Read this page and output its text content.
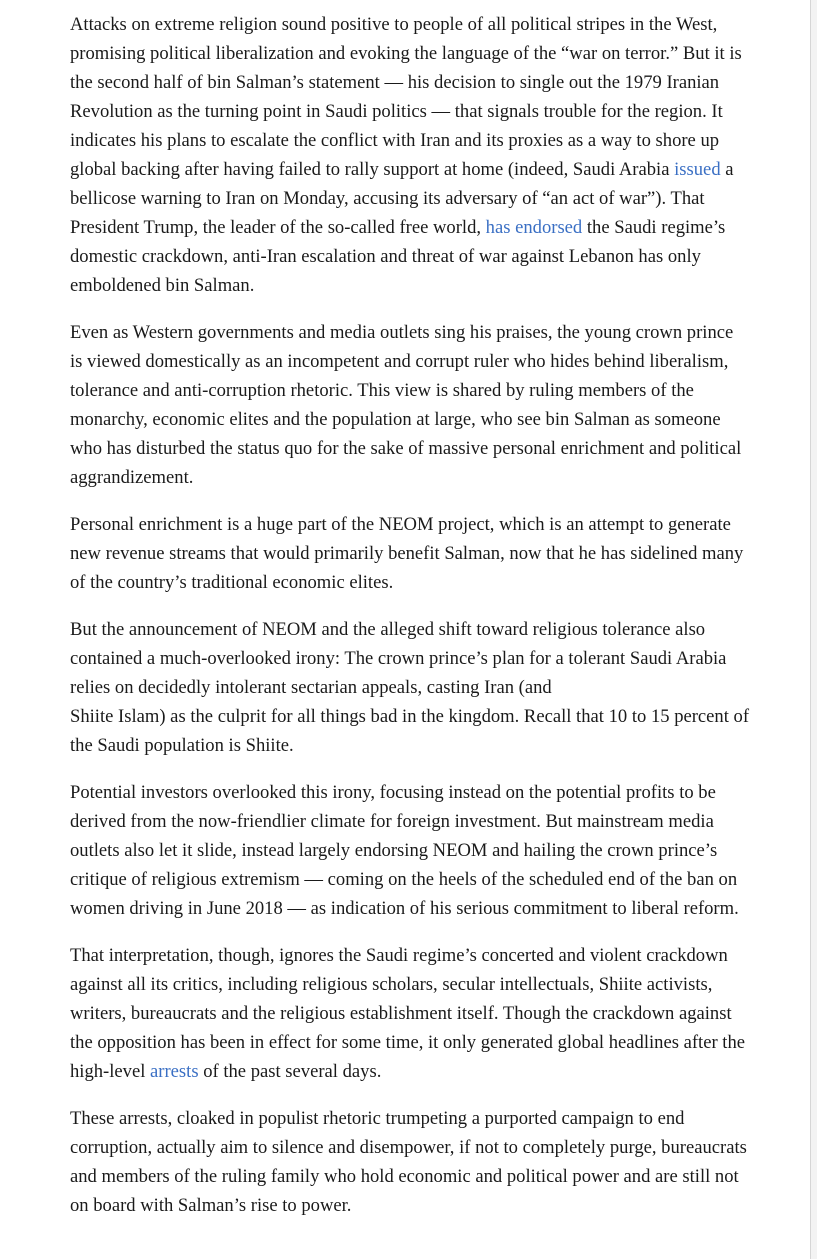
Attacks on extreme religion sound positive to people of all political stripes in the West, promising political liberalization and evoking the language of the “war on terror.” But it is the second half of bin Salman’s statement — his decision to single out the 1979 Iranian Revolution as the turning point in Saudi politics — that signals trouble for the region. It indicates his plans to escalate the conflict with Iran and its proxies as a way to shore up global backing after having failed to rally support at home (indeed, Saudi Arabia issued a bellicose warning to Iran on Monday, accusing its adversary of “an act of war”). That President Trump, the leader of the so-called free world, has endorsed the Saudi regime’s domestic crackdown, anti-Iran escalation and threat of war against Lebanon has only emboldened bin Salman.

Even as Western governments and media outlets sing his praises, the young crown prince is viewed domestically as an incompetent and corrupt ruler who hides behind liberalism, tolerance and anti-corruption rhetoric. This view is shared by ruling members of the monarchy, economic elites and the population at large, who see bin Salman as someone who has disturbed the status quo for the sake of massive personal enrichment and political aggrandizement.

Personal enrichment is a huge part of the NEOM project, which is an attempt to generate new revenue streams that would primarily benefit Salman, now that he has sidelined many of the country’s traditional economic elites.

But the announcement of NEOM and the alleged shift toward religious tolerance also contained a much-overlooked irony: The crown prince’s plan for a tolerant Saudi Arabia relies on decidedly intolerant sectarian appeals, casting Iran (and
Shiite Islam) as the culprit for all things bad in the kingdom. Recall that 10 to 15 percent of the Saudi population is Shiite.

Potential investors overlooked this irony, focusing instead on the potential profits to be derived from the now-friendlier climate for foreign investment. But mainstream media outlets also let it slide, instead largely endorsing NEOM and hailing the crown prince’s critique of religious extremism — coming on the heels of the scheduled end of the ban on women driving in June 2018 — as indication of his serious commitment to liberal reform.

That interpretation, though, ignores the Saudi regime’s concerted and violent crackdown against all its critics, including religious scholars, secular intellectuals, Shiite activists, writers, bureaucrats and the religious establishment itself. Though the crackdown against the opposition has been in effect for some time, it only generated global headlines after the high-level arrests of the past several days.

These arrests, cloaked in populist rhetoric trumpeting a purported campaign to end corruption, actually aim to silence and disempower, if not to completely purge, bureaucrats and members of the ruling family who hold economic and political power and are still not on board with Salman’s rise to power.
